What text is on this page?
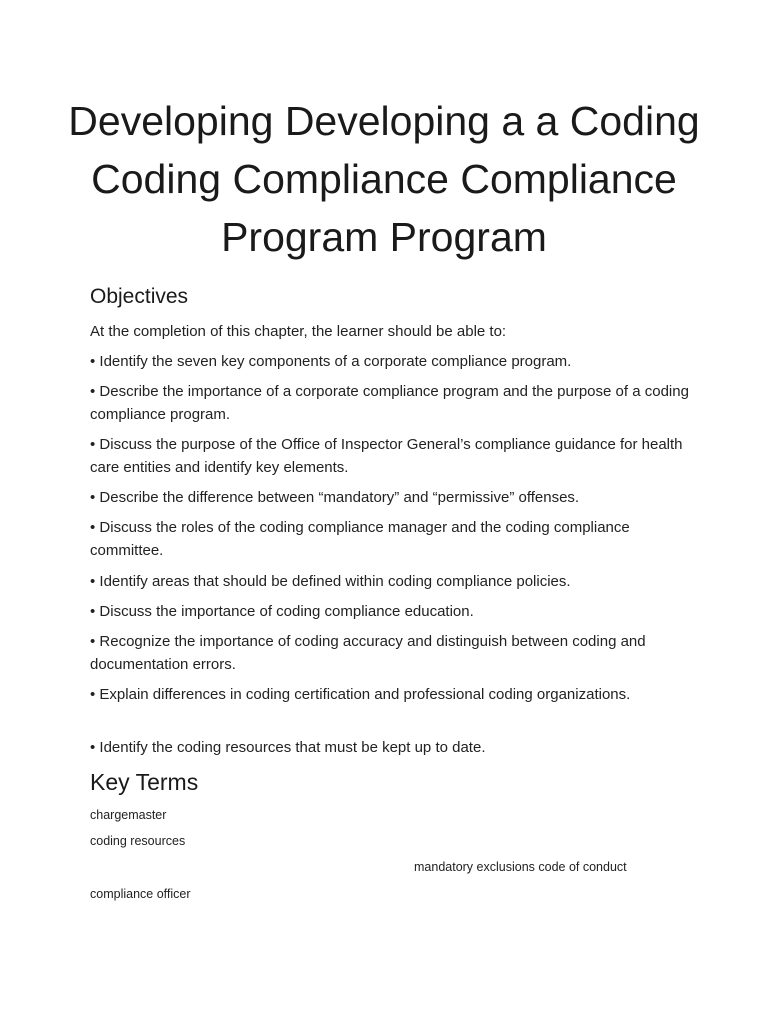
Developing Developing a a Coding Coding Compliance Compliance Program Program
Objectives

At the completion of this chapter, the learner should be able to:

• Identify the seven key components of a corporate compliance program.

• Describe the importance of a corporate compliance program and the purpose of a coding compliance program.

• Discuss the purpose of the Office of Inspector General’s compliance guidance for health care entities and identify key elements.

• Describe the difference between “mandatory” and “permissive” offenses.

• Discuss the roles of the coding compliance manager and the coding compliance committee.

• Identify areas that should be defined within coding compliance policies.

• Discuss the importance of coding compliance education.

• Recognize the importance of coding accuracy and distinguish between coding and documentation errors.

• Explain differences in coding certification and professional coding organizations.

• Identify the coding resources that must be kept up to date.

Key Terms

chargemaster

coding resources

mandatory exclusions code of conduct

compliance officer
